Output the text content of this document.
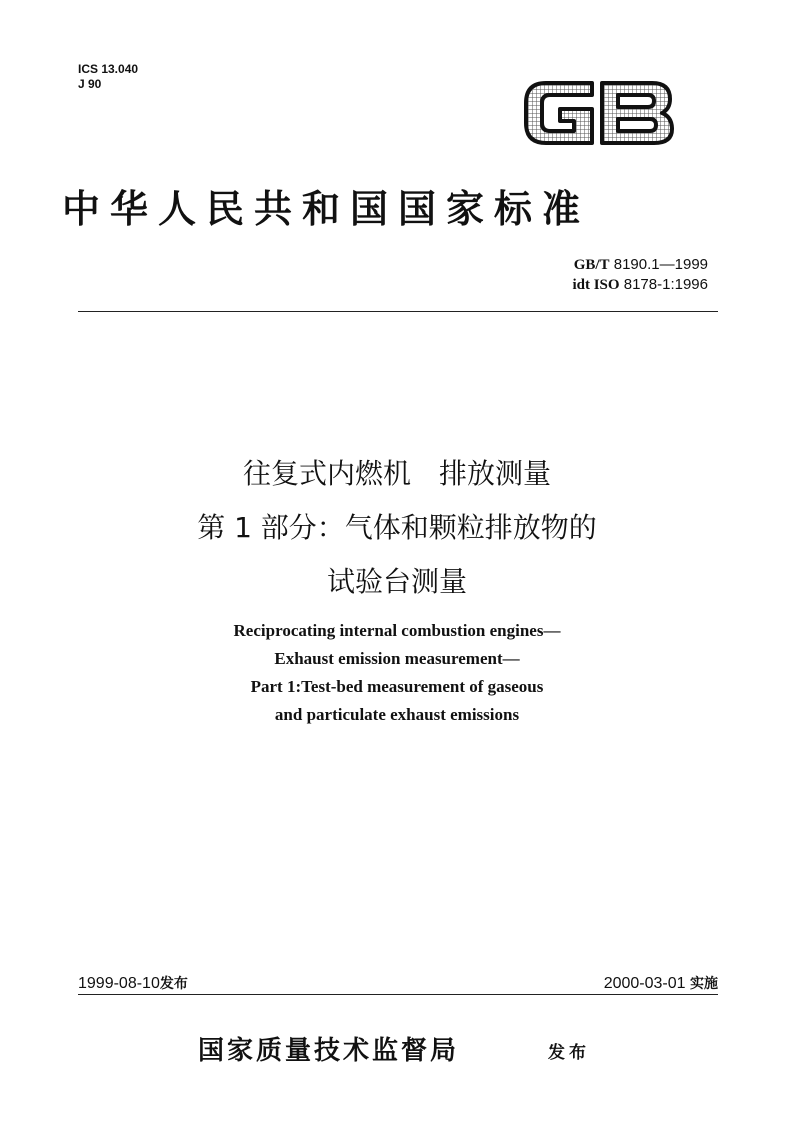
ICS 13.040
J 90
中华人民共和国国家标准
GB/T 8190.1—1999
idt ISO 8178-1:1996
往复式内燃机　排放测量
第 1 部分：气体和颗粒排放物的
试验台测量
Reciprocating internal combustion engines—
Exhaust emission measurement—
Part 1:Test-bed measurement of gaseous
and particulate exhaust emissions
1999-08-10发布	2000-03-01 实施
国家质量技术监督局	发布
